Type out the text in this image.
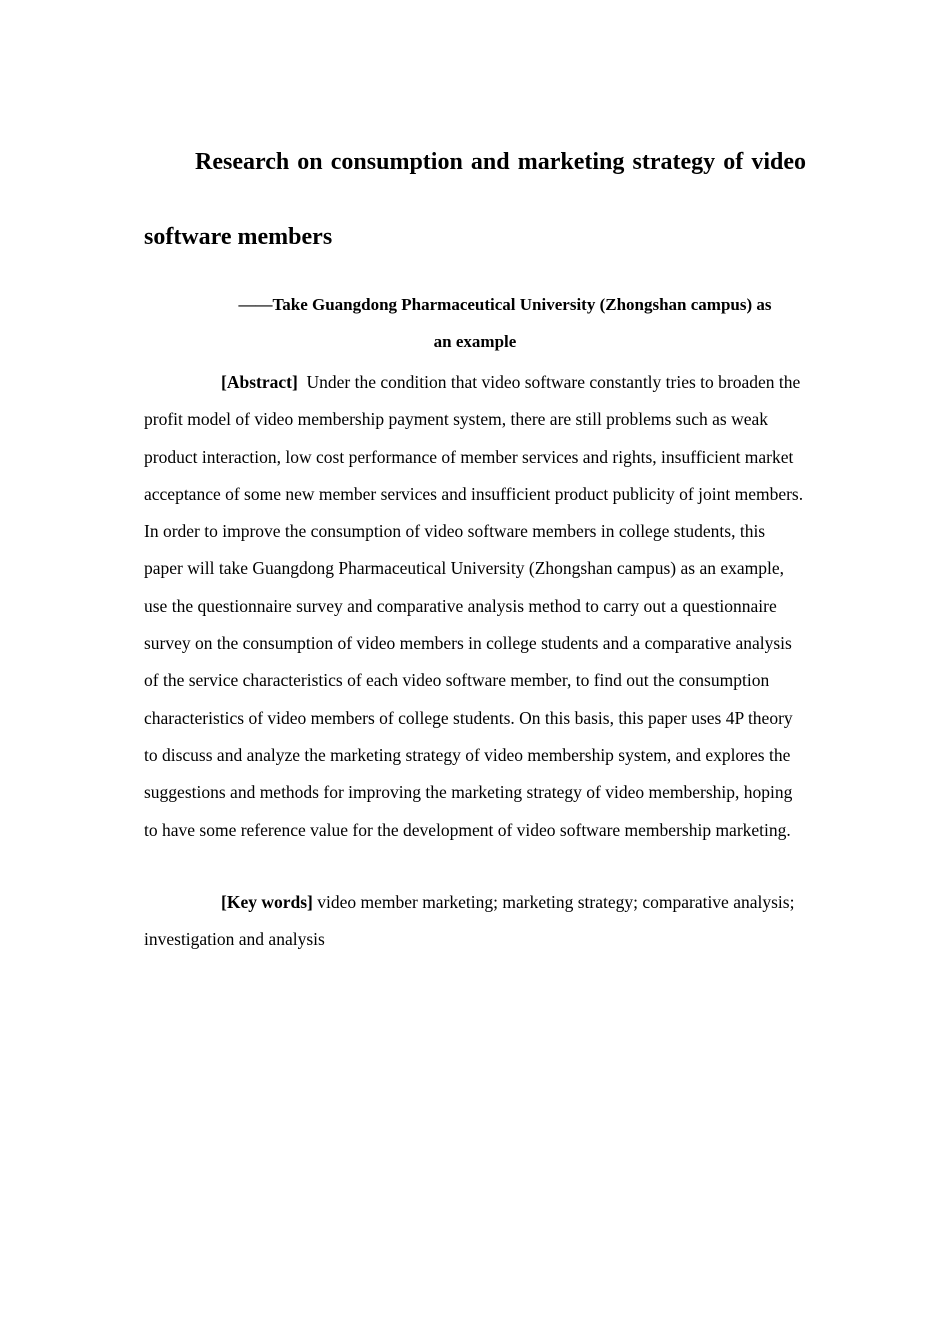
Research on consumption and marketing strategy of video software members
——Take Guangdong Pharmaceutical University (Zhongshan campus) as
an example

[Abstract] Under the condition that video software constantly tries to broaden the profit model of video membership payment system, there are still problems such as weak product interaction, low cost performance of member services and rights, insufficient market acceptance of some new member services and insufficient product publicity of joint members. In order to improve the consumption of video software members in college students, this paper will take Guangdong Pharmaceutical University (Zhongshan campus) as an example, use the questionnaire survey and comparative analysis method to carry out a questionnaire survey on the consumption of video members in college students and a comparative analysis of the service characteristics of each video software member, to find out the consumption characteristics of video members of college students. On this basis, this paper uses 4P theory to discuss and analyze the marketing strategy of video membership system, and explores the suggestions and methods for improving the marketing strategy of video membership, hoping to have some reference value for the development of video software membership marketing.

[Key words] video member marketing; marketing strategy; comparative analysis; investigation and analysis
